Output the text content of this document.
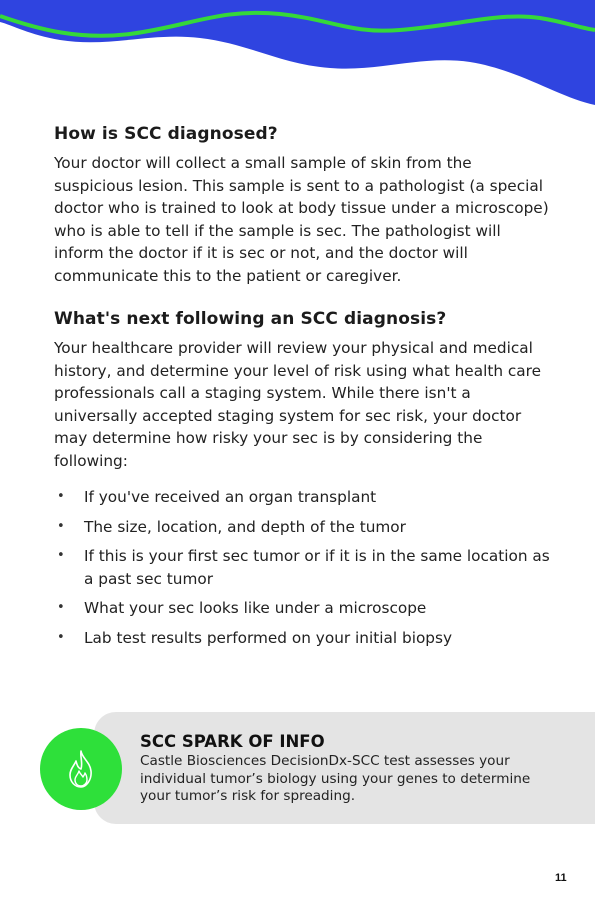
How is SCC diagnosed?

Your doctor will collect a small sample of skin from the suspicious lesion. This sample is sent to a pathologist (a special doctor who is trained to look at body tissue under a microscope) who is able to tell if the sample is sec. The pathologist will inform the doctor if it is sec or not, and the doctor will communicate this to the patient or caregiver.

What's next following an SCC diagnosis?

Your healthcare provider will review your physical and medical history, and determine your level of risk using what health care professionals call a staging system. While there isn't a universally accepted staging system for sec risk, your doctor may determine how risky your sec is by considering the following:

• If you've received an organ transplant
• The size, location, and depth of the tumor
• If this is your first sec tumor or if it is in the same location as a past sec tumor
• What your sec looks like under a microscope
• Lab test results performed on your initial biopsy
SCC SPARK OF INFO

Castle Biosciences DecisionDx-SCC test assesses your individual tumor’s biology using your genes to determine your tumor’s risk for spreading.

11
